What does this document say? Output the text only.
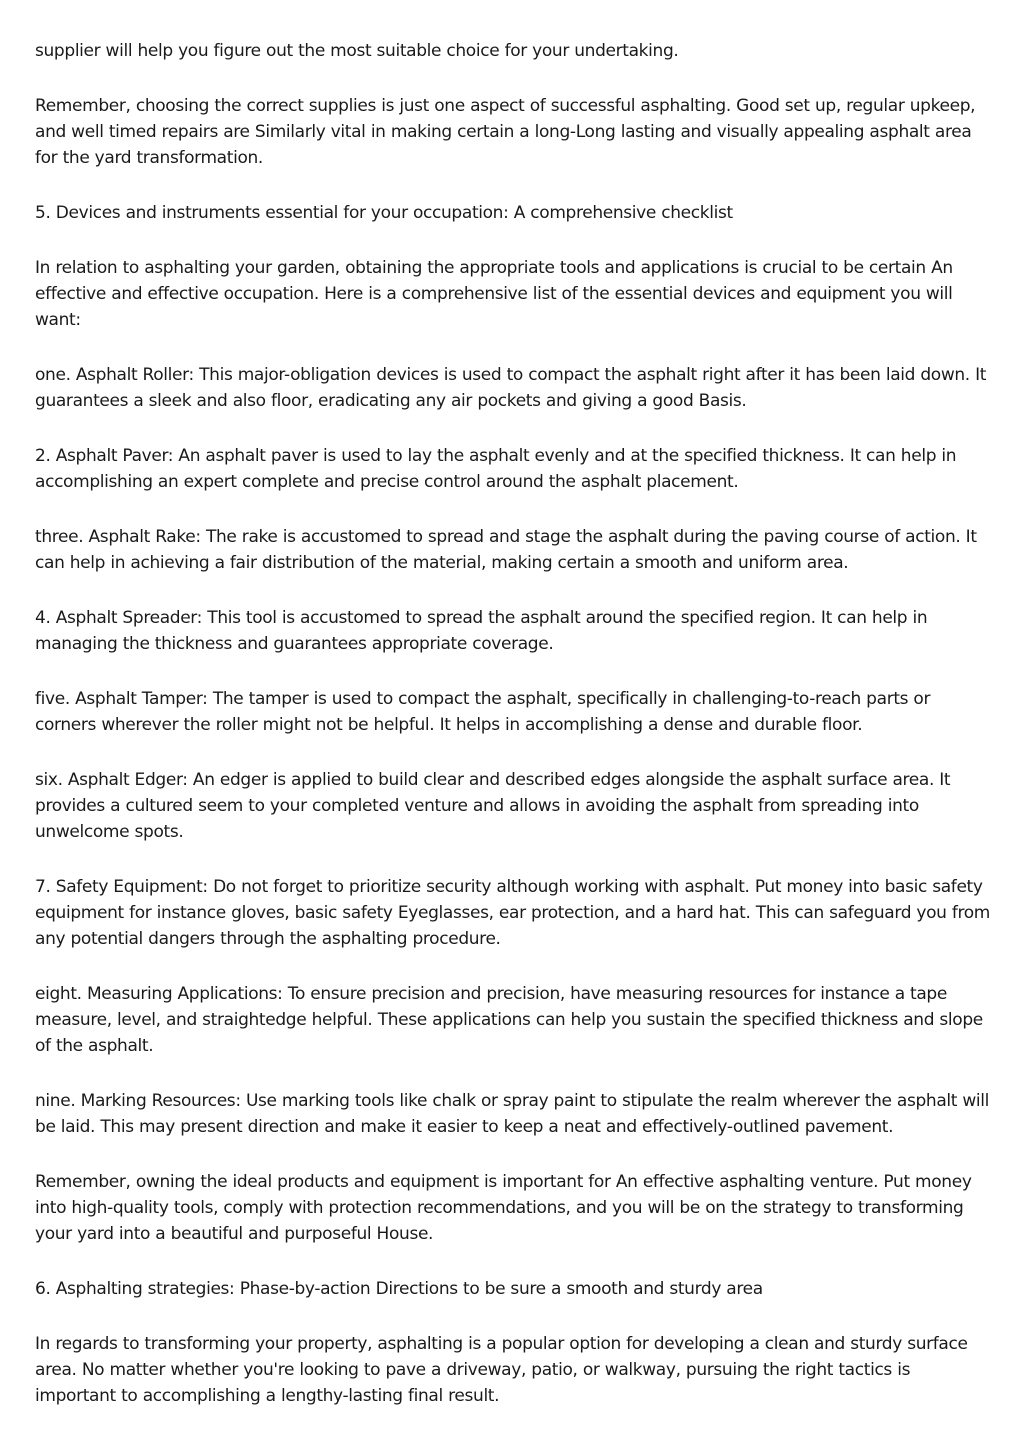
supplier will help you figure out the most suitable choice for your undertaking.

Remember, choosing the correct supplies is just one aspect of successful asphalting. Good set up, regular upkeep, and well timed repairs are Similarly vital in making certain a long-Long lasting and visually appealing asphalt area for the yard transformation.

5. Devices and instruments essential for your occupation: A comprehensive checklist

In relation to asphalting your garden, obtaining the appropriate tools and applications is crucial to be certain An effective and effective occupation. Here is a comprehensive list of the essential devices and equipment you will want:

one. Asphalt Roller: This major-obligation devices is used to compact the asphalt right after it has been laid down. It guarantees a sleek and also floor, eradicating any air pockets and giving a good Basis.

2. Asphalt Paver: An asphalt paver is used to lay the asphalt evenly and at the specified thickness. It can help in accomplishing an expert complete and precise control around the asphalt placement.

three. Asphalt Rake: The rake is accustomed to spread and stage the asphalt during the paving course of action. It can help in achieving a fair distribution of the material, making certain a smooth and uniform area.

4. Asphalt Spreader: This tool is accustomed to spread the asphalt around the specified region. It can help in managing the thickness and guarantees appropriate coverage.

five. Asphalt Tamper: The tamper is used to compact the asphalt, specifically in challenging-to-reach parts or corners wherever the roller might not be helpful. It helps in accomplishing a dense and durable floor.

six. Asphalt Edger: An edger is applied to build clear and described edges alongside the asphalt surface area. It provides a cultured seem to your completed venture and allows in avoiding the asphalt from spreading into unwelcome spots.

7. Safety Equipment: Do not forget to prioritize security although working with asphalt. Put money into basic safety equipment for instance gloves, basic safety Eyeglasses, ear protection, and a hard hat. This can safeguard you from any potential dangers through the asphalting procedure.

eight. Measuring Applications: To ensure precision and precision, have measuring resources for instance a tape measure, level, and straightedge helpful. These applications can help you sustain the specified thickness and slope of the asphalt.

nine. Marking Resources: Use marking tools like chalk or spray paint to stipulate the realm wherever the asphalt will be laid. This may present direction and make it easier to keep a neat and effectively-outlined pavement.

Remember, owning the ideal products and equipment is important for An effective asphalting venture. Put money into high-quality tools, comply with protection recommendations, and you will be on the strategy to transforming your yard into a beautiful and purposeful House.

6. Asphalting strategies: Phase-by-action Directions to be sure a smooth and sturdy area

In regards to transforming your property, asphalting is a popular option for developing a clean and sturdy surface area. No matter whether you're looking to pave a driveway, patio, or walkway, pursuing the right tactics is important to accomplishing a lengthy-lasting final result.
